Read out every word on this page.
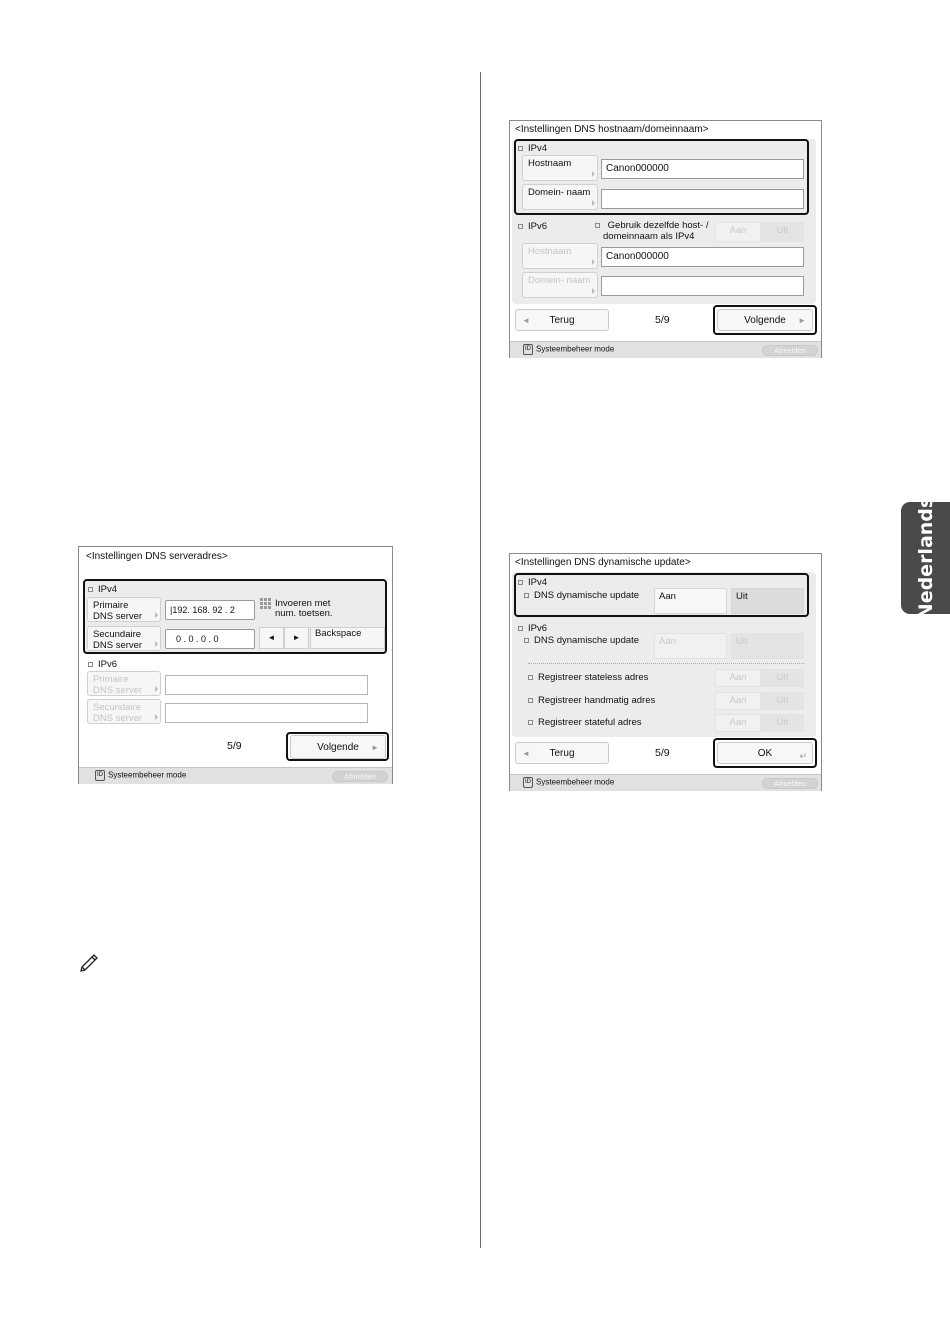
Nederlands
<Instellingen DNS serveradres>
IPv4
Primaire
DNS server
|192. 168. 92 . 2
Invoeren met
num. toetsen.
Secundaire
DNS server
0 . 0 . 0 . 0	◄	►	Backspace
IPv6
Primaire
DNS server
Secundaire
DNS server
5/9	Volgende
►
ID Systeembeheer mode	Afmelden
<Instellingen DNS hostnaam/domeinnaam>
IPv4
Hostnaam	Canon000000
Domein- naam
IPv6	Gebruik dezelfde host- /
domeinnaam als IPv4
Aan	Uit
Hostnaam	Canon000000
Domein- naam
◄ Terug	5/9	Volgende
►
ID Systeembeheer mode	Afmelden
<Instellingen DNS dynamische update>
IPv4
DNS dynamische update	Aan	Uit
IPv6
DNS dynamische update	Aan	Uit
Registreer stateless adres	Aan	Uit
Registreer handmatig adres	Aan	Uit
Registreer stateful adres	Aan	Uit
◄ Terug	5/9	OK
↵
ID Systeembeheer mode	Afmelden
